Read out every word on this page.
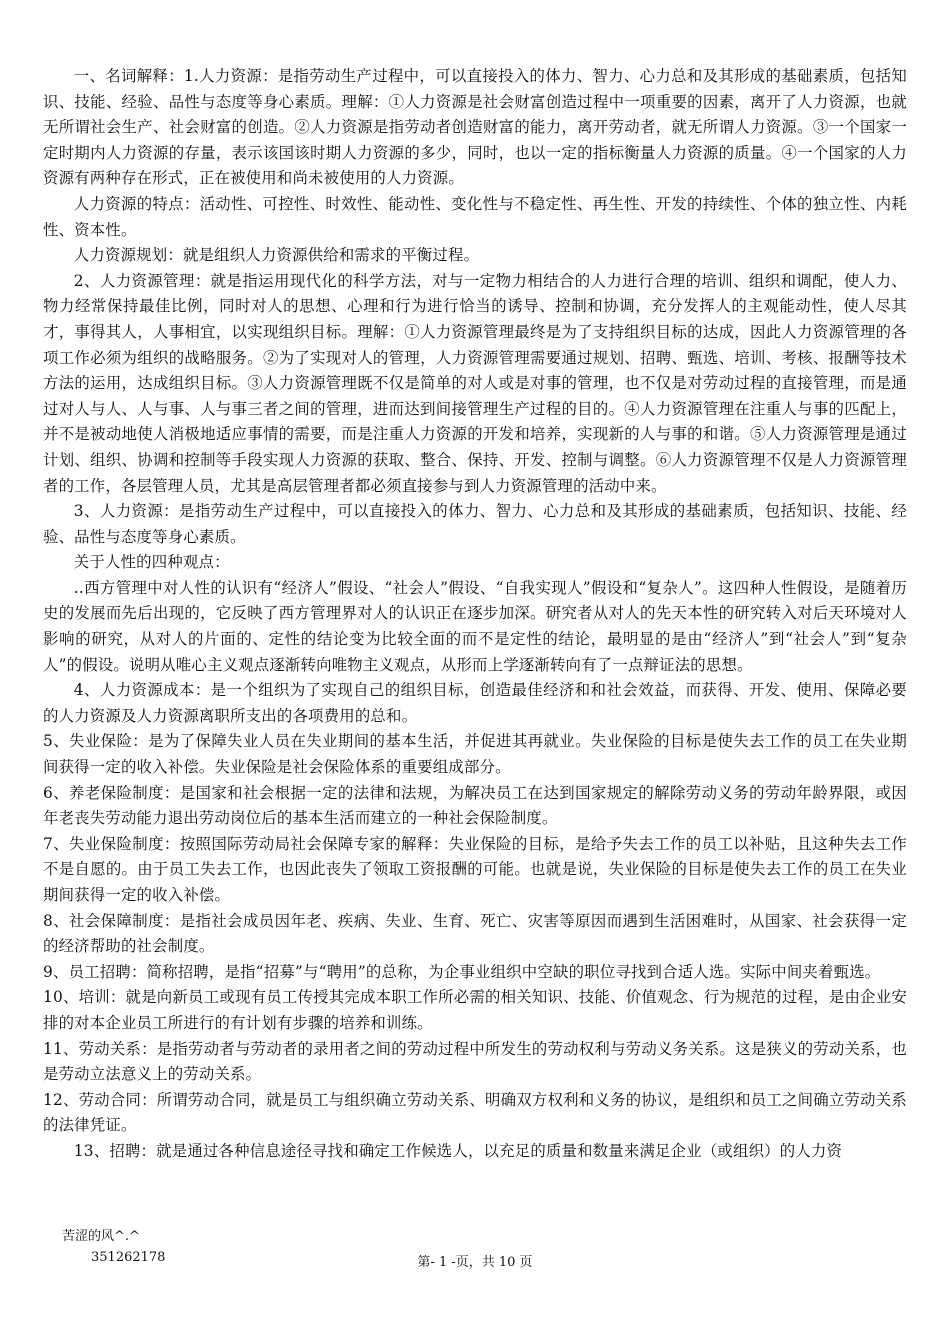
一、名词解释：1.人力资源：是指劳动生产过程中，可以直接投入的体力、智力、心力总和及其形成的基础素质，包括知识、技能、经验、品性与态度等身心素质。理解：①人力资源是社会财富创造过程中一项重要的因素，离开了人力资源，也就无所谓社会生产、社会财富的创造。②人力资源是指劳动者创造财富的能力，离开劳动者，就无所谓人力资源。③一个国家一定时期内人力资源的存量，表示该国该时期人力资源的多少，同时，也以一定的指标衡量人力资源的质量。④一个国家的人力资源有两种存在形式，正在被使用和尚未被使用的人力资源。

人力资源的特点：活动性、可控性、时效性、能动性、变化性与不稳定性、再生性、开发的持续性、个体的独立性、内耗性、资本性。

人力资源规划：就是组织人力资源供给和需求的平衡过程。

2、人力资源管理：就是指运用现代化的科学方法，对与一定物力相结合的人力进行合理的培训、组织和调配，使人力、物力经常保持最佳比例，同时对人的思想、心理和行为进行恰当的诱导、控制和协调，充分发挥人的主观能动性，使人尽其才，事得其人，人事相宜，以实现组织目标。理解：①人力资源管理最终是为了支持组织目标的达成，因此人力资源管理的各项工作必须为组织的战略服务。②为了实现对人的管理，人力资源管理需要通过规划、招聘、甄选、培训、考核、报酬等技术方法的运用，达成组织目标。③人力资源管理既不仅是简单的对人或是对事的管理，也不仅是对劳动过程的直接管理，而是通过对人与人、人与事、人与事三者之间的管理，进而达到间接管理生产过程的目的。④人力资源管理在注重人与事的匹配上，并不是被动地使人消极地适应事情的需要，而是注重人力资源的开发和培养，实现新的人与事的和谐。⑤人力资源管理是通过计划、组织、协调和控制等手段实现人力资源的获取、整合、保持、开发、控制与调整。⑥人力资源管理不仅是人力资源管理者的工作，各层管理人员，尤其是高层管理者都必须直接参与到人力资源管理的活动中来。

3、人力资源：是指劳动生产过程中，可以直接投入的体力、智力、心力总和及其形成的基础素质，包括知识、技能、经验、品性与态度等身心素质。

关于人性的四种观点：

..西方管理中对人性的认识有“经济人”假设、“社会人”假设、“自我实现人”假设和“复杂人”。这四种人性假设，是随着历史的发展而先后出现的，它反映了西方管理界对人的认识正在逐步加深。研究者从对人的先天本性的研究转入对后天环境对人影响的研究，从对人的片面的、定性的结论变为比较全面的而不是定性的结论，最明显的是由“经济人”到“社会人”到“复杂人”的假设。说明从唯心主义观点逐渐转向唯物主义观点，从形而上学逐渐转向有了一点辩证法的思想。

4、人力资源成本：是一个组织为了实现自己的组织目标，创造最佳经济和和社会效益，而获得、开发、使用、保障必要的人力资源及人力资源离职所支出的各项费用的总和。

5、失业保险：是为了保障失业人员在失业期间的基本生活，并促进其再就业。失业保险的目标是使失去工作的员工在失业期间获得一定的收入补偿。失业保险是社会保险体系的重要组成部分。

6、养老保险制度：是国家和社会根据一定的法律和法规，为解决员工在达到国家规定的解除劳动义务的劳动年龄界限，或因年老丧失劳动能力退出劳动岗位后的基本生活而建立的一种社会保险制度。

7、失业保险制度：按照国际劳动局社会保障专家的解释：失业保险的目标，是给予失去工作的员工以补贴，且这种失去工作不是自愿的。由于员工失去工作，也因此丧失了领取工资报酬的可能。也就是说，失业保险的目标是使失去工作的员工在失业期间获得一定的收入补偿。

8、社会保障制度：是指社会成员因年老、疾病、失业、生育、死亡、灾害等原因而遇到生活困难时，从国家、社会获得一定的经济帮助的社会制度。

9、员工招聘：简称招聘，是指“招募”与“聘用”的总称，为企事业组织中空缺的职位寻找到合适人选。实际中间夹着甄选。

10、培训：就是向新员工或现有员工传授其完成本职工作所必需的相关知识、技能、价值观念、行为规范的过程，是由企业安排的对本企业员工所进行的有计划有步骤的培养和训练。

11、劳动关系：是指劳动者与劳动者的录用者之间的劳动过程中所发生的劳动权利与劳动义务关系。这是狭义的劳动关系，也是劳动立法意义上的劳动关系。

12、劳动合同：所谓劳动合同，就是员工与组织确立劳动关系、明确双方权利和义务的协议，是组织和员工之间确立劳动关系的法律凭证。

13、招聘：就是通过各种信息途径寻找和确定工作候选人，以充足的质量和数量来满足企业（或组织）的人力资

苦涩的风^.^
351262178	第- 1 -页，共 10 页
